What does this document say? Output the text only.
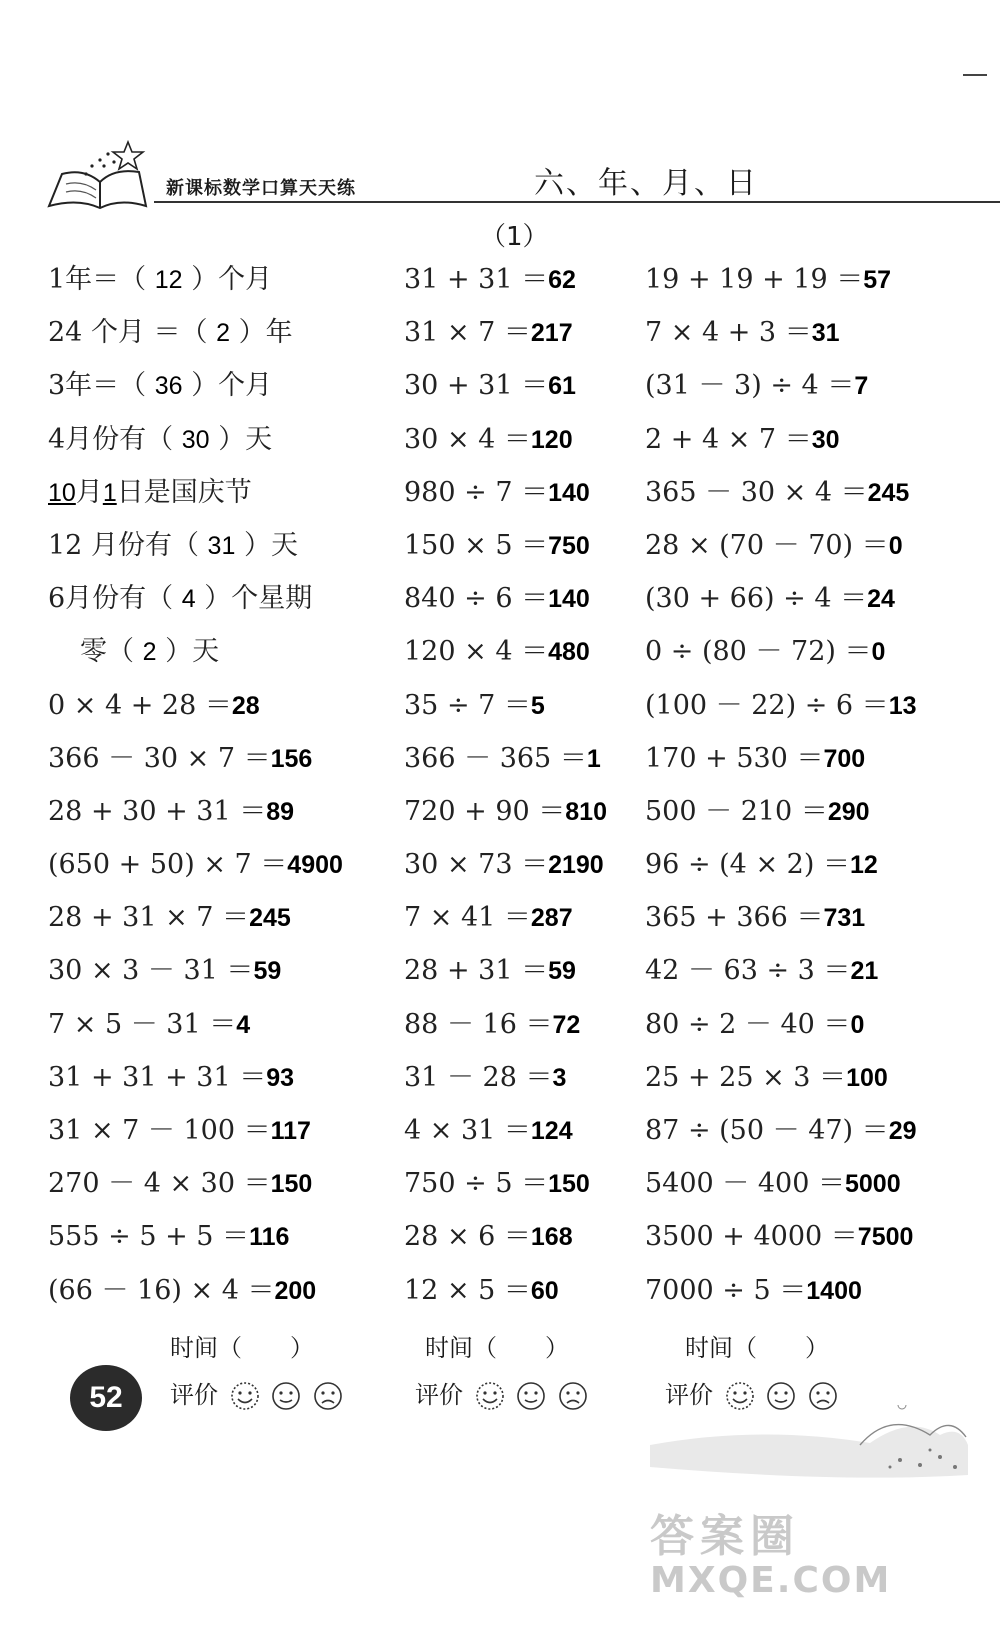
新课标数学口算天天练	六、年、月、日
（1）
1年＝（ 12 ）个月
24 个月 ＝（ 2 ）年
3年＝（ 36 ）个月
4月份有（ 30 ）天
10月1日是国庆节
12 月份有（ 31 ）天
6月份有（ 4 ）个星期
零（ 2 ）天
0 × 4 + 28 ＝28
366 － 30 × 7 ＝156
28 + 30 + 31 ＝89
(650 + 50) × 7 ＝4900
28 + 31 × 7 ＝245
30 × 3 － 31 ＝59
7 × 5 － 31 ＝4
31 + 31 + 31 ＝93
31 × 7 － 100 ＝117
270 － 4 × 30 ＝150
555 ÷ 5 + 5 ＝116
(66 － 16) × 4 ＝200
31 + 31 ＝62
31 × 7 ＝217
30 + 31 ＝61
30 × 4 ＝120
980 ÷ 7 ＝140
150 × 5 ＝750
840 ÷ 6 ＝140
120 × 4 ＝480
35 ÷ 7 ＝5
366 － 365 ＝1
720 + 90 ＝810
30 × 73 ＝2190
7 × 41 ＝287
28 + 31 ＝59
88 － 16 ＝72
31 － 28 ＝3
4 × 31 ＝124
750 ÷ 5 ＝150
28 × 6 ＝168
12 × 5 ＝60
19 + 19 + 19 ＝57
7 × 4 + 3 ＝31
(31 － 3) ÷ 4 ＝7
2 + 4 × 7 ＝30
365 － 30 × 4 ＝245
28 × (70 － 70) ＝0
(30 + 66) ÷ 4 ＝24
0 ÷ (80 － 72) ＝0
(100 － 22) ÷ 6 ＝13
170 + 530 ＝700
500 － 210 ＝290
96 ÷ (4 × 2) ＝12
365 + 366 ＝731
42 － 63 ÷ 3 ＝21
80 ÷ 2 － 40 ＝0
25 + 25 × 3 ＝100
87 ÷ (50 － 47) ＝29
5400 － 400 ＝5000
3500 + 4000 ＝7500
7000 ÷ 5 ＝1400
时间（　　）	时间（　　）	时间（　　）
评价	评价	评价
52
答案圈
MXQE.COM
